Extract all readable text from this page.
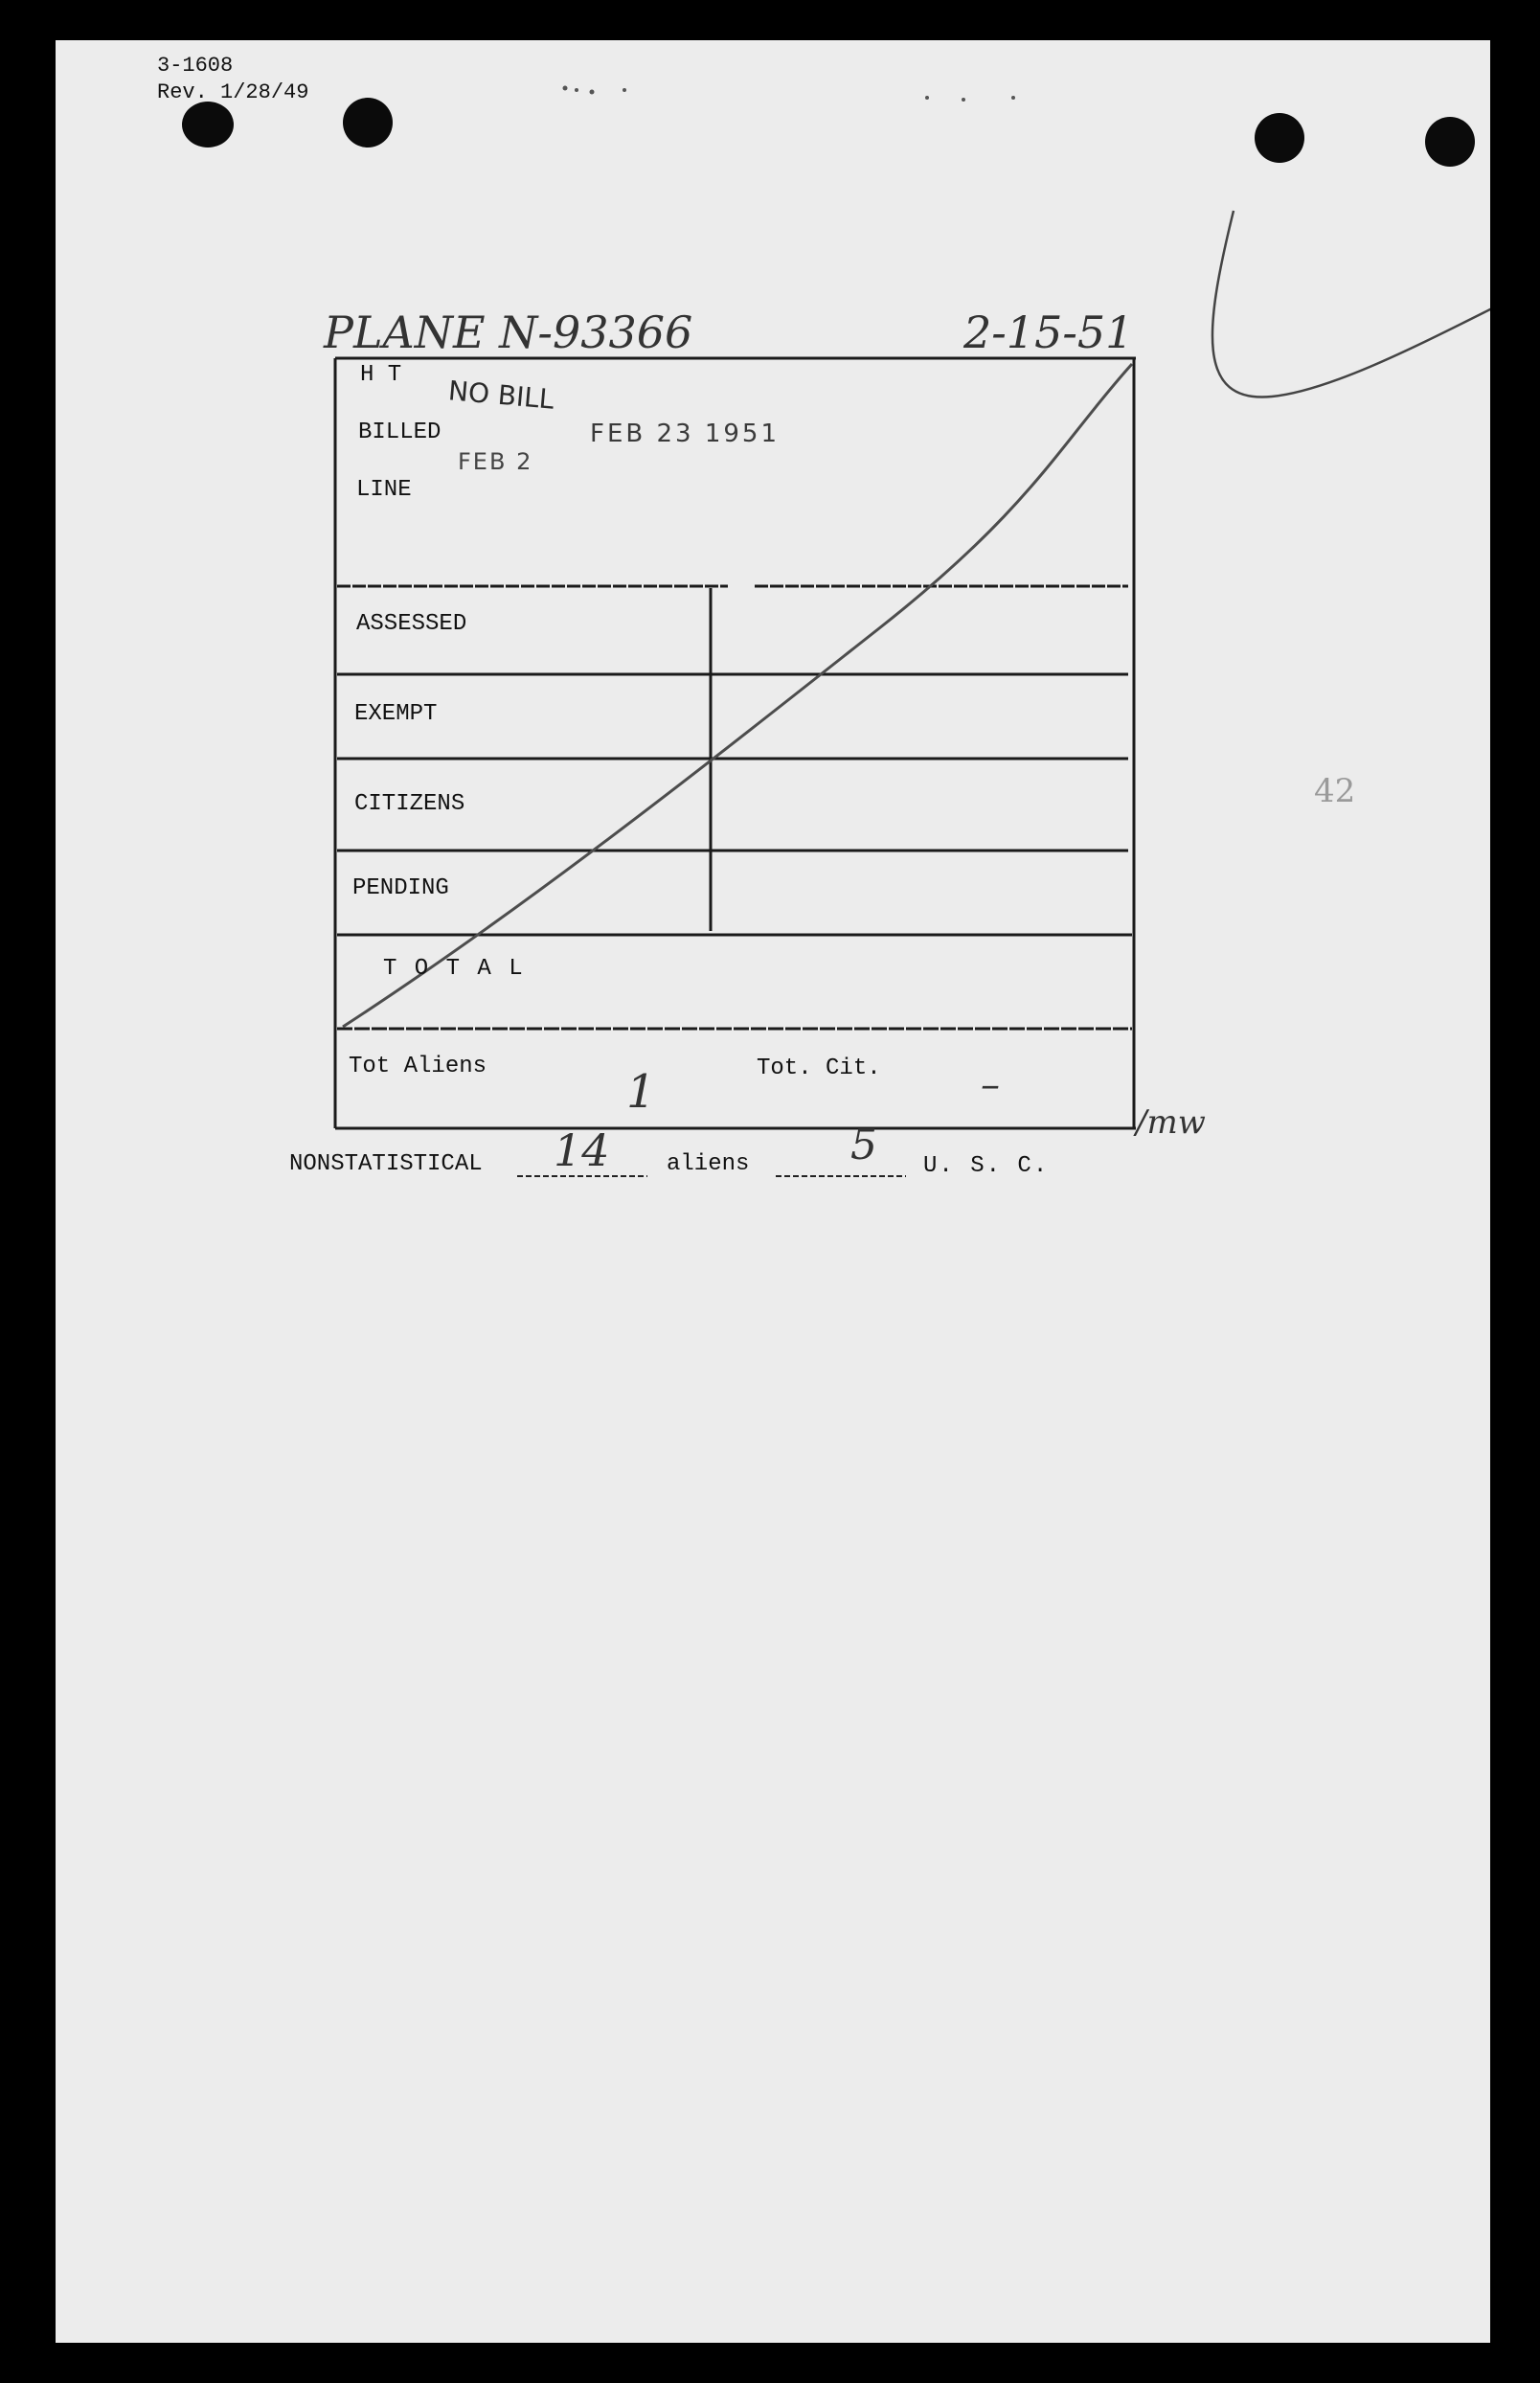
3-1608
Rev. 1/28/49
PLANE N-93366	2-15-51
H T
BILLED
LINE
ASSESSED
EXEMPT
CITIZENS
PENDING
T O T A L
Tot Aliens	Tot. Cit.
1	–
/mw
NO BILL
FEB 23 1951
FEB 2
NONSTATISTICAL 14 aliens 5 U. S. C.
42
